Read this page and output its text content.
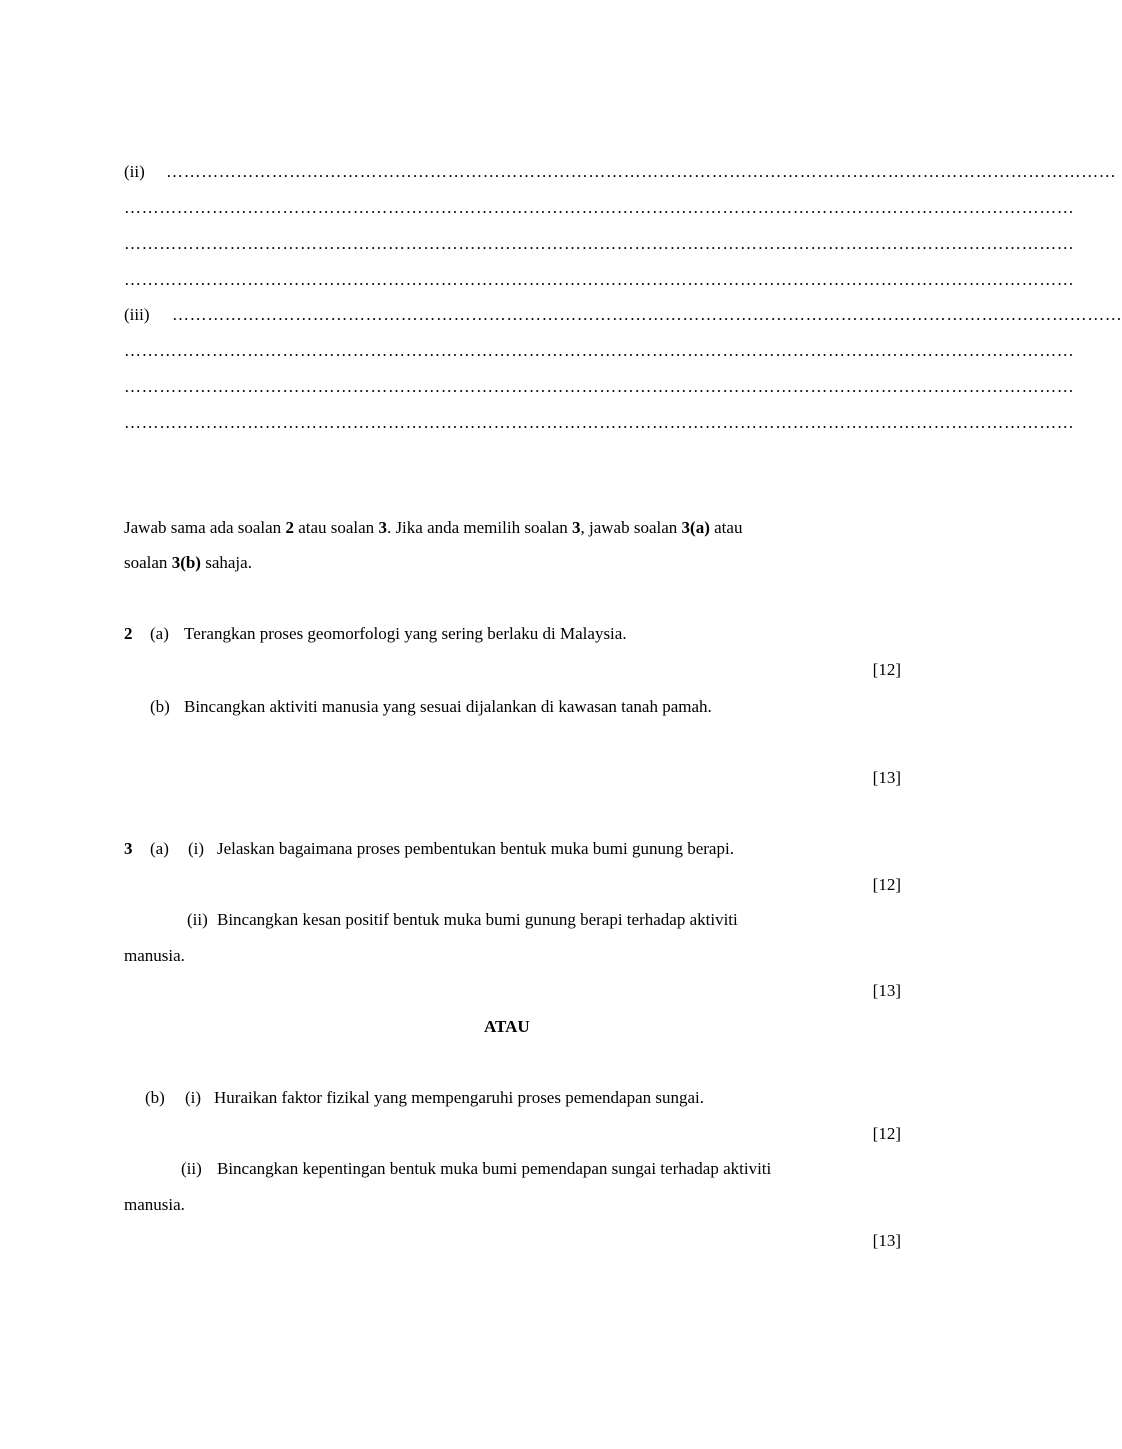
(ii) ………………………………………………………………………………………………………………………………………………
………………………………………………………………………………………………………………………………………………
………………………………………………………………………………………………………………………………………………
………………………………………………………………………………………………………………………………………………
(iii) ………………………………………………………………………………………………………………………………………………
………………………………………………………………………………………………………………………………………………
………………………………………………………………………………………………………………………………………………
………………………………………………………………………………………………………………………………………………
Jawab sama ada soalan 2 atau soalan 3. Jika anda memilih soalan 3, jawab soalan 3(a) atau
soalan 3(b) sahaja.
2 (a) Terangkan proses geomorfologi yang sering berlaku di Malaysia.
[12]
(b) Bincangkan aktiviti manusia yang sesuai dijalankan di kawasan tanah pamah.
[13]
3 (a) (i) Jelaskan bagaimana proses pembentukan bentuk muka bumi gunung berapi.
[12]
(ii) Bincangkan kesan positif bentuk muka bumi gunung berapi terhadap aktiviti
manusia.
[13]
ATAU
(b) (i) Huraikan faktor fizikal yang mempengaruhi proses pemendapan sungai.
[12]
(ii) Bincangkan kepentingan bentuk muka bumi pemendapan sungai terhadap aktiviti
manusia.
[13]
